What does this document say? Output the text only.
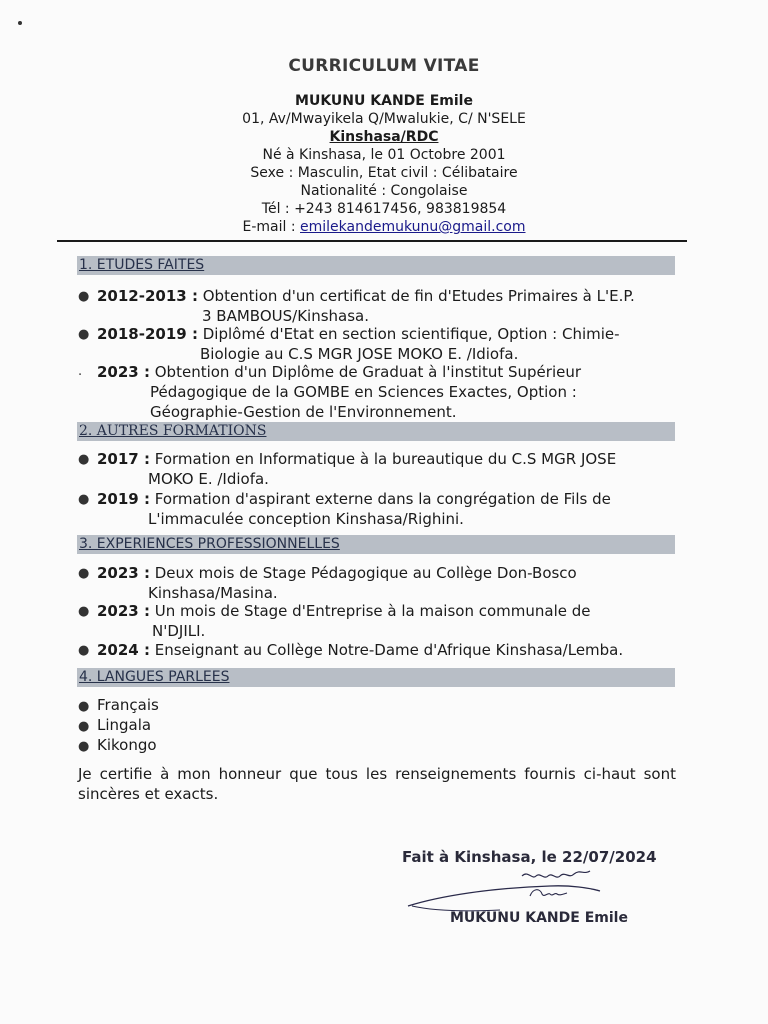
CURRICULUM VITAE
MUKUNU KANDE Emile
01, Av/Mwayikela Q/Mwalukie, C/ N'SELE
Kinshasa/RDC
Né à Kinshasa, le 01 Octobre 2001
Sexe : Masculin, Etat civil : Célibataire
Nationalité : Congolaise
Tél : +243 814617456, 983819854
E-mail : emilekandemukunu@gmail.com
1. ETUDES FAITES
● 2012-2013 : Obtention d'un certificat de fin d'Etudes Primaires à L'E.P.
3 BAMBOUS/Kinshasa.
● 2018-2019 : Diplômé d'Etat en section scientifique, Option : Chimie-
Biologie au C.S MGR JOSE MOKO E. /Idiofa.
. 2023 : Obtention d'un Diplôme de Graduat à l'institut Supérieur
Pédagogique de la GOMBE en Sciences Exactes, Option :
Géographie-Gestion de l'Environnement.
2. AUTRES FORMATIONS
● 2017 : Formation en Informatique à la bureautique du C.S MGR JOSE
MOKO E. /Idiofa.
● 2019 : Formation d'aspirant externe dans la congrégation de Fils de
L'immaculée conception Kinshasa/Righini.
3. EXPERIENCES PROFESSIONNELLES
● 2023 : Deux mois de Stage Pédagogique au Collège Don-Bosco
Kinshasa/Masina.
● 2023 : Un mois de Stage d'Entreprise à la maison communale de
N'DJILI.
● 2024 : Enseignant au Collège Notre-Dame d'Afrique Kinshasa/Lemba.
4. LANGUES PARLEES
● Français
● Lingala
● Kikongo
Je certifie à mon honneur que tous les renseignements fournis ci-haut sont sincères et exacts.
Fait à Kinshasa, le 22/07/2024
MUKUNU KANDE Emile
